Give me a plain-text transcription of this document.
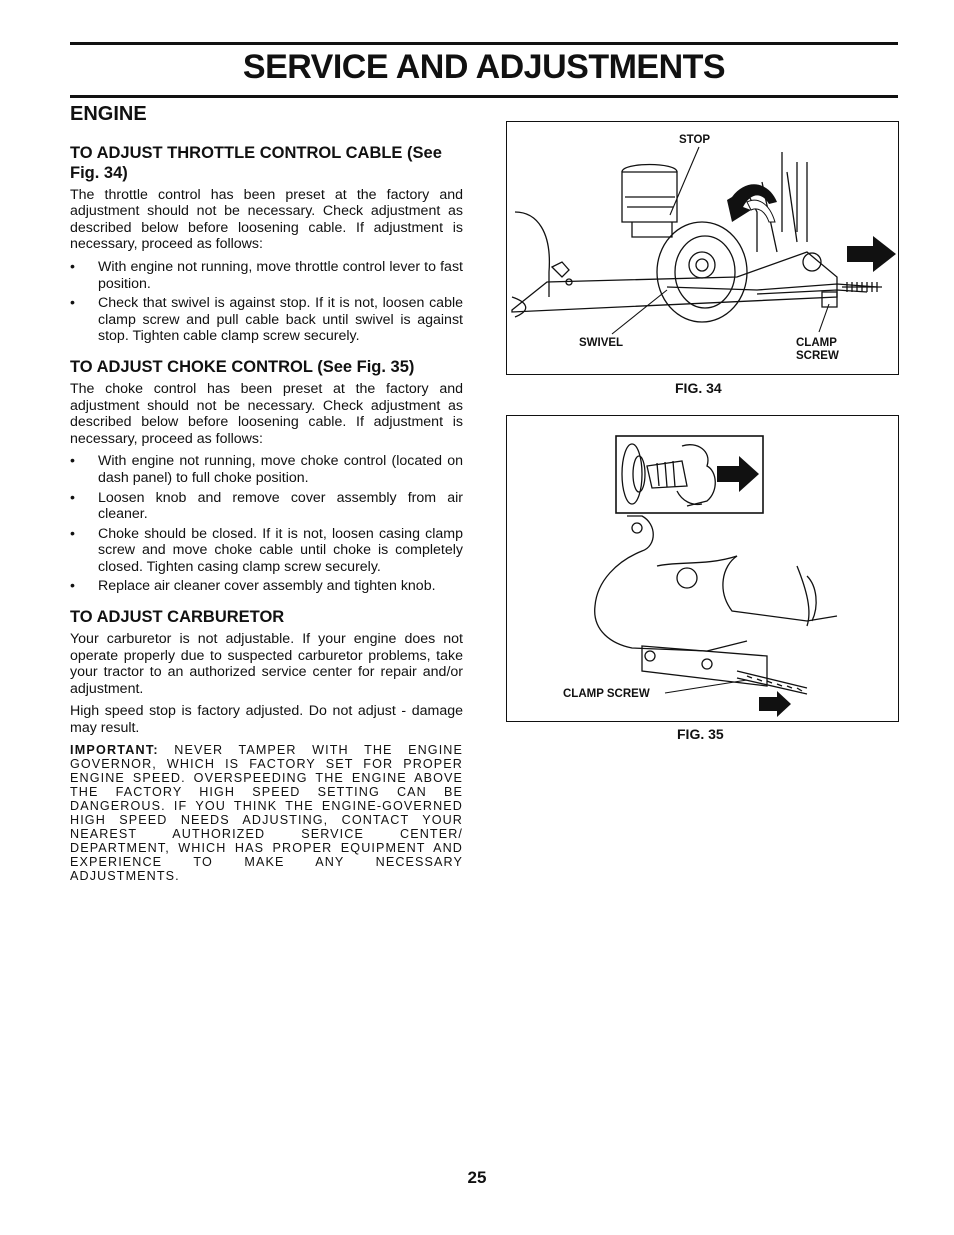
SERVICE AND ADJUSTMENTS
ENGINE
TO ADJUST THROTTLE CONTROL CABLE (See Fig. 34)

The throttle control has been preset at the factory and adjustment should not be necessary. Check adjustment as described below before loosening cable. If adjustment is necessary, proceed as follows:

• With engine not running, move throttle control lever to fast position.
• Check that swivel is against stop. If it is not, loosen cable clamp screw and pull cable back until swivel is against stop. Tighten cable clamp screw securely.
TO ADJUST CHOKE CONTROL (See Fig. 35)

The choke control has been preset at the factory and adjustment should not be necessary. Check adjustment as described below before loosening cable. If adjustment is necessary, proceed as follows:

• With engine not running, move choke control (located on dash panel) to full choke position.
• Loosen knob and remove cover assembly from air cleaner.
• Choke should be closed. If it is not, loosen casing clamp screw and move choke cable until choke is completely closed. Tighten casing clamp screw securely.
• Replace air cleaner cover assembly and tighten knob.
TO ADJUST CARBURETOR

Your carburetor is not adjustable. If your engine does not operate properly due to suspected carburetor problems, take your tractor to an authorized service center for repair and/or adjustment.

High speed stop is factory adjusted. Do not adjust - damage may result.

IMPORTANT: NEVER TAMPER WITH THE ENGINE GOVERNOR, WHICH IS FACTORY SET FOR PROPER ENGINE SPEED. OVERSPEEDING THE ENGINE ABOVE THE FACTORY HIGH SPEED SETTING CAN BE DANGEROUS. IF YOU THINK THE ENGINE-GOVERNED HIGH SPEED NEEDS ADJUSTING, CONTACT YOUR NEAREST AUTHORIZED SERVICE CENTER/ DEPARTMENT, WHICH HAS PROPER EQUIPMENT AND EXPERIENCE TO MAKE ANY NECESSARY ADJUSTMENTS.
STOP
SWIVEL	CLAMP
SCREW
FIG. 34
CLAMP SCREW
FIG. 35
25
